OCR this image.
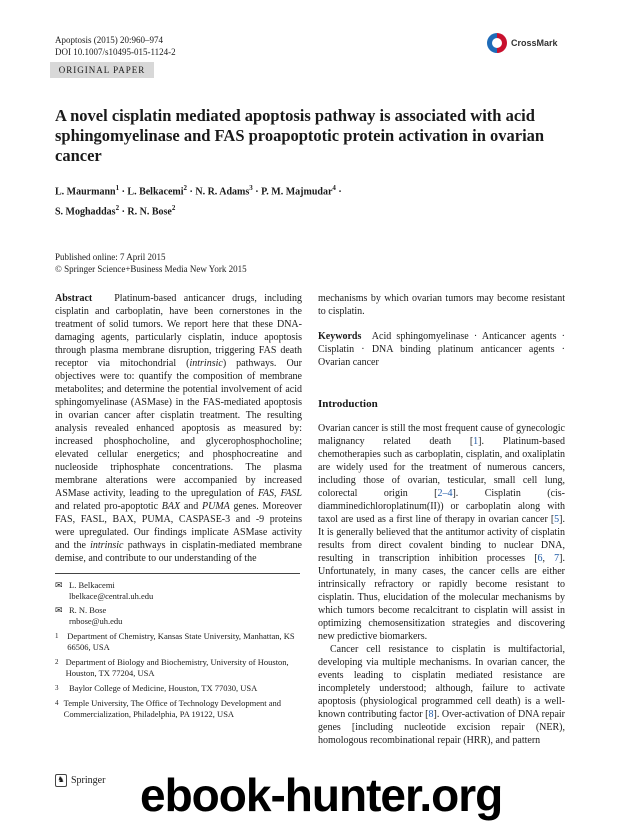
Apoptosis (2015) 20:960–974
DOI 10.1007/s10495-015-1124-2
CrossMark
ORIGINAL PAPER
A novel cisplatin mediated apoptosis pathway is associated with acid sphingomyelinase and FAS proapoptotic protein activation in ovarian cancer
L. Maurmann$^1$ · L. Belkacemi$^2$ · N. R. Adams$^3$ · P. M. Majmudar$^4$ ·
S. Moghaddas$^2$ · R. N. Bose$^2$
Published online: 7 April 2015
© Springer Science+Business Media New York 2015
Abstract Platinum-based anticancer drugs, including cisplatin and carboplatin, have been cornerstones in the treatment of solid tumors. We report here that these DNA-damaging agents, particularly cisplatin, induce apoptosis through plasma membrane disruption, triggering FAS death receptor via mitochondrial (intrinsic) pathways. Our objectives were to: quantify the composition of membrane metabolites; and determine the potential involvement of acid sphingomyelinase (ASMase) in the FAS-mediated apoptosis in ovarian cancer after cisplatin treatment. The resulting analysis revealed enhanced apoptosis as measured by: increased phosphocholine, and glycerophosphocholine; elevated cellular energetics; and phosphocreatine and nucleoside triphosphate concentrations. The plasma membrane alterations were accompanied by increased ASMase activity, leading to the upregulation of FAS, FASL and related pro-apoptotic BAX and PUMA genes. Moreover FAS, FASL, BAX, PUMA, CASPASE-3 and -9 proteins were upregulated. Our findings implicate ASMase activity and the intrinsic pathways in cisplatin-mediated membrane demise, and contribute to our understanding of the
mechanisms by which ovarian tumors may become resistant to cisplatin.
Keywords Acid sphingomyelinase · Anticancer agents · Cisplatin · DNA binding platinum anticancer agents · Ovarian cancer
Introduction

Ovarian cancer is still the most frequent cause of gynecologic malignancy related death [1]. Platinum-based chemotherapies such as carboplatin, cisplatin, and oxaliplatin are widely used for the treatment of numerous cancers, including those of ovarian, testicular, small cell lung, colorectal origin [2–4]. Cisplatin (cis-diamminedichloroplatinum(II)) or carboplatin along with taxol are used as a first line of therapy in ovarian cancer [5]. It is generally believed that the antitumor activity of cisplatin results from direct covalent binding to nuclear DNA, resulting in transcription inhibition processes [6, 7]. Unfortunately, in many cases, the cancer cells are either intrinsically refractory or rapidly become resistant to cisplatin. Thus, elucidation of the molecular mechanisms by which tumors become recalcitrant to cisplatin will assist in optimizing chemosensitization strategies and discovering new predictive biomarkers.

Cancer cell resistance to cisplatin is multifactorial, developing via multiple mechanisms. In ovarian cancer, the events leading to cisplatin mediated resistance are incompletely understood; although, failure to activate apoptosis (physiological programmed cell death) is a well-known contributing factor [8]. Over-activation of DNA repair genes [including nucleotide excision repair (NER), homologous recombinational repair (HRR), and pattern

✉ L. Belkacemi
lbelkace@central.uh.edu
✉ R. N. Bose
rnbose@uh.edu
1	Department of Chemistry, Kansas State University, Manhattan, KS 66506, USA
2 Department of Biology and Biochemistry, University of Houston, Houston, TX 77204, USA
3	Baylor College of Medicine, Houston, TX 77030, USA
4 Temple University, The Office of Technology Development and Commercialization, Philadelphia, PA 19122, USA
♞ Springer ebook-hunter.org
